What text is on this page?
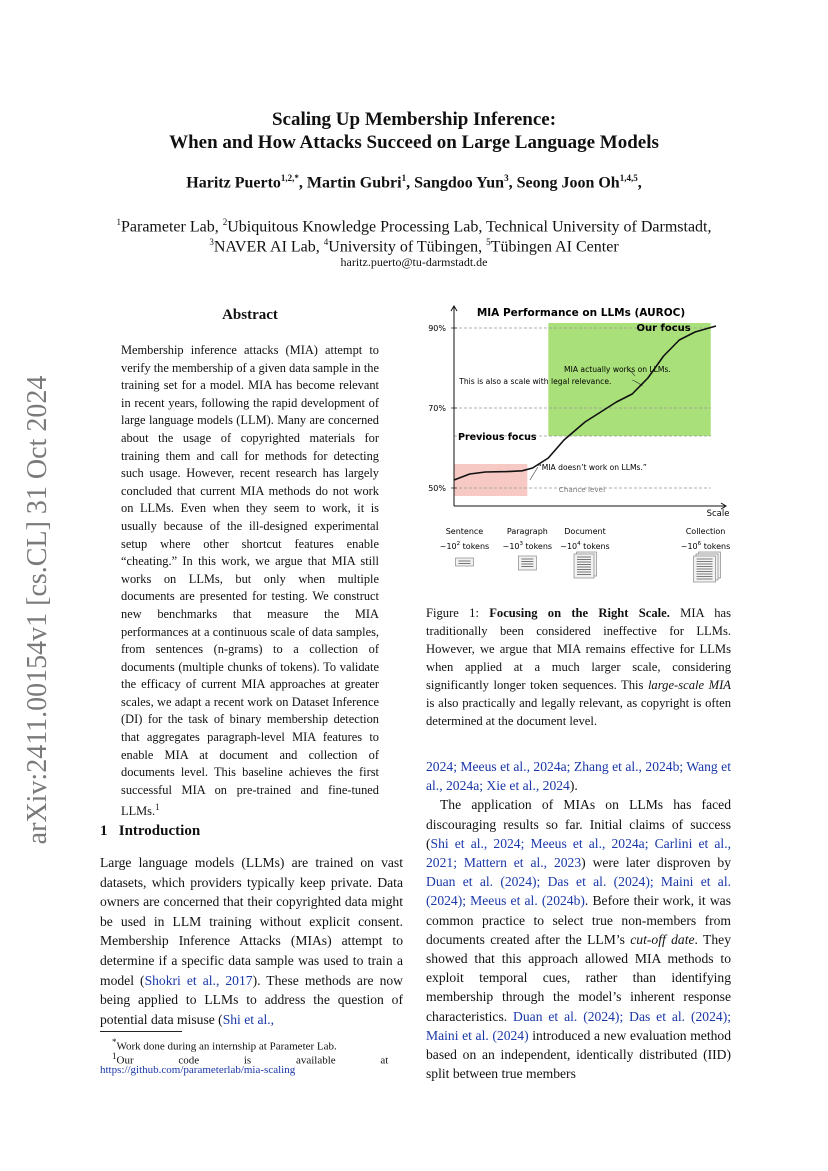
Scaling Up Membership Inference:
When and How Attacks Succeed on Large Language Models
Haritz Puerto$^{1,2,*}$, Martin Gubri$^1$, Sangdoo Yun$^3$, Seong Joon Oh$^{1,4,5}$,
$^1$Parameter Lab, $^2$Ubiquitous Knowledge Processing Lab, Technical University of Darmstadt,
$^3$NAVER AI Lab, $^4$University of Tübingen, $^5$Tübingen AI Center
haritz.puerto@tu-darmstadt.de
arXiv:2411.00154v1 [cs.CL] 31 Oct 2024
Abstract
Membership inference attacks (MIA) attempt to verify the membership of a given data sample in the training set for a model. MIA has become relevant in recent years, following the rapid development of large language models (LLM). Many are concerned about the usage of copyrighted materials for training them and call for methods for detecting such usage. However, recent research has largely concluded that current MIA methods do not work on LLMs. Even when they seem to work, it is usually because of the ill-designed experimental setup where other shortcut features enable “cheating.” In this work, we argue that MIA still works on LLMs, but only when multiple documents are presented for testing. We construct new benchmarks that measure the MIA performances at a continuous scale of data samples, from sentences (n-grams) to a collection of documents (multiple chunks of tokens). To validate the efficacy of current MIA approaches at greater scales, we adapt a recent work on Dataset Inference (DI) for the task of binary membership detection that aggregates paragraph-level MIA features to enable MIA at document and collection of documents level. This baseline achieves the first successful MIA on pre-trained and fine-tuned LLMs.$^1$
1 Introduction
Large language models (LLMs) are trained on vast datasets, which providers typically keep private. Data owners are concerned that their copyrighted data might be used in LLM training without explicit consent. Membership Inference Attacks (MIAs) attempt to determine if a specific data sample was used to train a model (Shokri et al., 2017). These methods are now being applied to LLMs to address the question of potential data misuse (Shi et al.,
*Work done during an internship at Parameter Lab.
$^1$Our code is available at
https://github.com/parameterlab/mia-scaling
MIA Performance on LLMs (AUROC)
90%
70%
50%
Scale
Our focus
MIA actually works on LLMs.
This is also a scale with legal relevance.
Previous focus
“MIA doesn’t work on LLMs.”
Chance level
Sentence
$\sim 10^2$ tokens
Paragraph
$\sim 10^3$ tokens
Document
$\sim 10^4$ tokens
Collection
$\sim 10^6$ tokens
Figure 1: Focusing on the Right Scale. MIA has traditionally been considered ineffective for LLMs. However, we argue that MIA remains effective for LLMs when applied at a much larger scale, considering significantly longer token sequences. This large-scale MIA is also practically and legally relevant, as copyright is often determined at the document level.
2024; Meeus et al., 2024a; Zhang et al., 2024b; Wang et al., 2024a; Xie et al., 2024).
The application of MIAs on LLMs has faced discouraging results so far. Initial claims of success (Shi et al., 2024; Meeus et al., 2024a; Carlini et al., 2021; Mattern et al., 2023) were later disproven by Duan et al. (2024); Das et al. (2024); Maini et al. (2024); Meeus et al. (2024b). Before their work, it was common practice to select true non-members from documents created after the LLM’s cut-off date. They showed that this approach allowed MIA methods to exploit temporal cues, rather than identifying membership through the model’s inherent response characteristics. Duan et al. (2024); Das et al. (2024); Maini et al. (2024) introduced a new evaluation method based on an independent, identically distributed (IID) split between true members
